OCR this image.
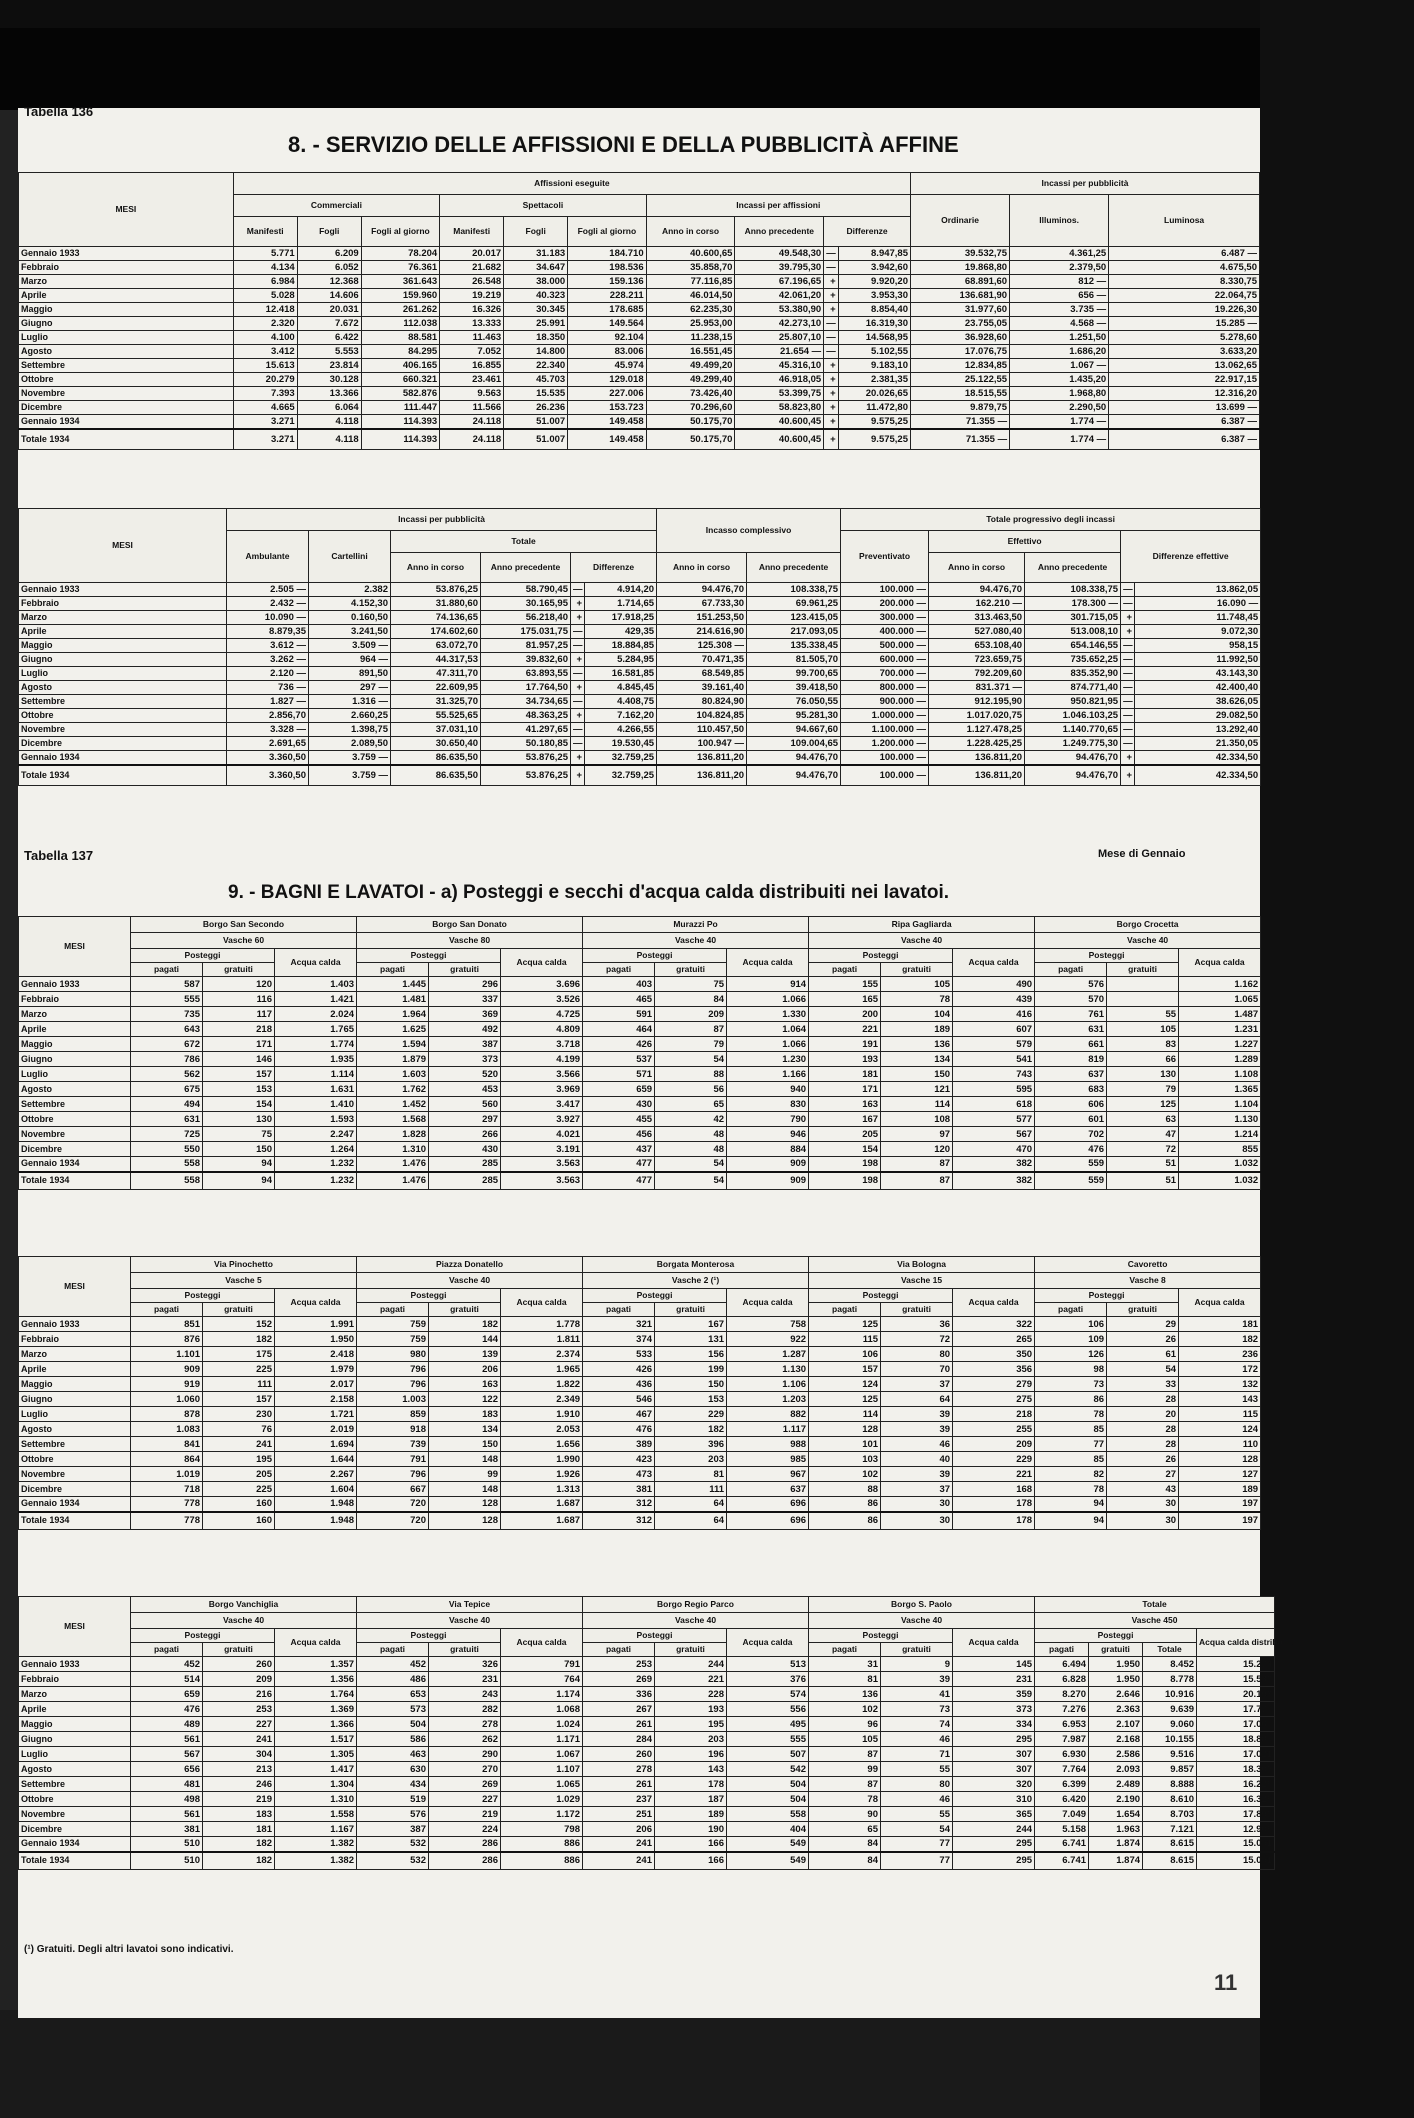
Tabella 136
8. - SERVIZIO DELLE AFFISSIONI E DELLA PUBBLICITÀ AFFINE
MESI	Affissioni eseguite										Incassi per pubblicità		
	Commerciali			Spettacoli			Incassi per affissioni				Ordinarie	Illuminos.	Luminosa
	Manifesti	Fogli	Fogli al giorno	Manifesti	Fogli	Fogli al giorno	Anno in corso	Anno precedente	Differenze				
Gennaio 1933	5.771	6.209	78.204	20.017	31.183	184.710	40.600,65	49.548,30	—	8.947,85	39.532,75	4.361,25	6.487 —
Febbraio	4.134	6.052	76.361	21.682	34.647	198.536	35.858,70	39.795,30	—	3.942,60	19.868,80	2.379,50	4.675,50
Marzo	6.984	12.368	361.643	26.548	38.000	159.136	77.116,85	67.196,65	+	9.920,20	68.891,60	812 —	8.330,75
Aprile	5.028	14.606	159.960	19.219	40.323	228.211	46.014,50	42.061,20	+	3.953,30	136.681,90	656 —	22.064,75
Maggio	12.418	20.031	261.262	16.326	30.345	178.685	62.235,30	53.380,90	+	8.854,40	31.977,60	3.735 —	19.226,30
Giugno	2.320	7.672	112.038	13.333	25.991	149.564	25.953,00	42.273,10	—	16.319,30	23.755,05	4.568 —	15.285 —
Luglio	4.100	6.422	88.581	11.463	18.350	92.104	11.238,15	25.807,10	—	14.568,95	36.928,60	1.251,50	5.278,60
Agosto	3.412	5.553	84.295	7.052	14.800	83.006	16.551,45	21.654 —	—	5.102,55	17.076,75	1.686,20	3.633,20
Settembre	15.613	23.814	406.165	16.855	22.340	45.974	49.499,20	45.316,10	+	9.183,10	12.834,85	1.067 —	13.062,65
Ottobre	20.279	30.128	660.321	23.461	45.703	129.018	49.299,40	46.918,05	+	2.381,35	25.122,55	1.435,20	22.917,15
Novembre	7.393	13.366	582.876	9.563	15.535	227.006	73.426,40	53.399,75	+	20.026,65	18.515,55	1.968,80	12.316,20
Dicembre	4.665	6.064	111.447	11.566	26.236	153.723	70.296,60	58.823,80	+	11.472,80	9.879,75	2.290,50	13.699 —
Gennaio 1934	3.271	4.118	114.393	24.118	51.007	149.458	50.175,70	40.600,45	+	9.575,25	71.355 —	1.774 —	6.387 —
Totale 1934	3.271	4.118	114.393	24.118	51.007	149.458	50.175,70	40.600,45	+	9.575,25	71.355 —	1.774 —	6.387 —
MESI	Incassi per pubblicità						Incasso complessivo		Totale progressivo degli incassi				
	Ambulante	Cartellini	Totale						Preventivato	Effettivo		Differenze effettive	
			Anno in corso	Anno precedente	Differenze		Anno in corso	Anno precedente		Anno in corso	Anno precedente		
Gennaio 1933	2.505 —	2.382	53.876,25	58.790,45	—	4.914,20	94.476,70	108.338,75	100.000 —	94.476,70	108.338,75	—	13.862,05
Febbraio	2.432 —	4.152,30	31.880,60	30.165,95	+	1.714,65	67.733,30	69.961,25	200.000 —	162.210 —	178.300 —	—	16.090 —
Marzo	10.090 —	0.160,50	74.136,65	56.218,40	+	17.918,25	151.253,50	123.415,05	300.000 —	313.463,50	301.715,05	+	11.748,45
Aprile	8.879,35	3.241,50	174.602,60	175.031,75	—	429,35	214.616,90	217.093,05	400.000 —	527.080,40	513.008,10	+	9.072,30
Maggio	3.612 —	3.509 —	63.072,70	81.957,25	—	18.884,85	125.308 —	135.338,45	500.000 —	653.108,40	654.146,55	—	958,15
Giugno	3.262 —	964 —	44.317,53	39.832,60	+	5.284,95	70.471,35	81.505,70	600.000 —	723.659,75	735.652,25	—	11.992,50
Luglio	2.120 —	891,50	47.311,70	63.893,55	—	16.581,85	68.549,85	99.700,65	700.000 —	792.209,60	835.352,90	—	43.143,30
Agosto	736 —	297 —	22.609,95	17.764,50	+	4.845,45	39.161,40	39.418,50	800.000 —	831.371 —	874.771,40	—	42.400,40
Settembre	1.827 —	1.316 —	31.325,70	34.734,65	—	4.408,75	80.824,90	76.050,55	900.000 —	912.195,90	950.821,95	—	38.626,05
Ottobre	2.856,70	2.660,25	55.525,65	48.363,25	+	7.162,20	104.824,85	95.281,30	1.000.000 —	1.017.020,75	1.046.103,25	—	29.082,50
Novembre	3.328 —	1.398,75	37.031,10	41.297,65	—	4.266,55	110.457,50	94.667,60	1.100.000 —	1.127.478,25	1.140.770,65	—	13.292,40
Dicembre	2.691,65	2.089,50	30.650,40	50.180,85	—	19.530,45	100.947 —	109.004,65	1.200.000 —	1.228.425,25	1.249.775,30	—	21.350,05
Gennaio 1934	3.360,50	3.759 —	86.635,50	53.876,25	+	32.759,25	136.811,20	94.476,70	100.000 —	136.811,20	94.476,70	+	42.334,50
Totale 1934	3.360,50	3.759 —	86.635,50	53.876,25	+	32.759,25	136.811,20	94.476,70	100.000 —	136.811,20	94.476,70	+	42.334,50
Tabella 137	Mese di Gennaio
9. - BAGNI E LAVATOI - a) Posteggi e secchi d'acqua calda distribuiti nei lavatoi.
MESI	Borgo San Secondo			Borgo San Donato			Murazzi Po			Ripa Gagliarda			Borgo Crocetta		
	Vasche 60			Vasche 80			Vasche 40			Vasche 40			Vasche 40		
	Posteggi		Acqua calda	Posteggi		Acqua calda	Posteggi		Acqua calda	Posteggi		Acqua calda	Posteggi		Acqua calda
	pagati	gratuiti		pagati	gratuiti		pagati	gratuiti		pagati	gratuiti		pagati	gratuiti	
Gennaio 1933	587	120	1.403	1.445	296	3.696	403	75	914	155	105	490	576		1.162
Febbraio	555	116	1.421	1.481	337	3.526	465	84	1.066	165	78	439	570		1.065
Marzo	735	117	2.024	1.964	369	4.725	591	209	1.330	200	104	416	761	55	1.487
Aprile	643	218	1.765	1.625	492	4.809	464	87	1.064	221	189	607	631	105	1.231
Maggio	672	171	1.774	1.594	387	3.718	426	79	1.066	191	136	579	661	83	1.227
Giugno	786	146	1.935	1.879	373	4.199	537	54	1.230	193	134	541	819	66	1.289
Luglio	562	157	1.114	1.603	520	3.566	571	88	1.166	181	150	743	637	130	1.108
Agosto	675	153	1.631	1.762	453	3.969	659	56	940	171	121	595	683	79	1.365
Settembre	494	154	1.410	1.452	560	3.417	430	65	830	163	114	618	606	125	1.104
Ottobre	631	130	1.593	1.568	297	3.927	455	42	790	167	108	577	601	63	1.130
Novembre	725	75	2.247	1.828	266	4.021	456	48	946	205	97	567	702	47	1.214
Dicembre	550	150	1.264	1.310	430	3.191	437	48	884	154	120	470	476	72	855
Gennaio 1934	558	94	1.232	1.476	285	3.563	477	54	909	198	87	382	559	51	1.032
Totale 1934	558	94	1.232	1.476	285	3.563	477	54	909	198	87	382	559	51	1.032
MESI	Via Pinochetto			Piazza Donatello			Borgata Monterosa			Via Bologna			Cavoretto		
	Vasche 5			Vasche 40			Vasche 2 (¹)			Vasche 15			Vasche 8		
	Posteggi		Acqua calda	Posteggi		Acqua calda	Posteggi		Acqua calda	Posteggi		Acqua calda	Posteggi		Acqua calda
	pagati	gratuiti		pagati	gratuiti		pagati	gratuiti		pagati	gratuiti		pagati	gratuiti	
Gennaio 1933	851	152	1.991	759	182	1.778	321	167	758	125	36	322	106	29	181
Febbraio	876	182	1.950	759	144	1.811	374	131	922	115	72	265	109	26	182
Marzo	1.101	175	2.418	980	139	2.374	533	156	1.287	106	80	350	126	61	236
Aprile	909	225	1.979	796	206	1.965	426	199	1.130	157	70	356	98	54	172
Maggio	919	111	2.017	796	163	1.822	436	150	1.106	124	37	279	73	33	132
Giugno	1.060	157	2.158	1.003	122	2.349	546	153	1.203	125	64	275	86	28	143
Luglio	878	230	1.721	859	183	1.910	467	229	882	114	39	218	78	20	115
Agosto	1.083	76	2.019	918	134	2.053	476	182	1.117	128	39	255	85	28	124
Settembre	841	241	1.694	739	150	1.656	389	396	988	101	46	209	77	28	110
Ottobre	864	195	1.644	791	148	1.990	423	203	985	103	40	229	85	26	128
Novembre	1.019	205	2.267	796	99	1.926	473	81	967	102	39	221	82	27	127
Dicembre	718	225	1.604	667	148	1.313	381	111	637	88	37	168	78	43	189
Gennaio 1934	778	160	1.948	720	128	1.687	312	64	696	86	30	178	94	30	197
Totale 1934	778	160	1.948	720	128	1.687	312	64	696	86	30	178	94	30	197
MESI	Borgo Vanchiglia			Via Tepice			Borgo Regio Parco			Borgo S. Paolo			Totale			
	Vasche 40			Vasche 40			Vasche 40			Vasche 40			Vasche 450			
	Posteggi		Acqua calda	Posteggi		Acqua calda	Posteggi		Acqua calda	Posteggi		Acqua calda	Posteggi			Acqua calda distribuita
	pagati	gratuiti		pagati	gratuiti		pagati	gratuiti		pagati	gratuiti		pagati	gratuiti	Totale	
Gennaio 1933	452	260	1.357	452	326	791	253	244	513	31	9	145	6.494	1.950	8.452	15.274
Febbraio	514	209	1.356	486	231	764	269	221	376	81	39	231	6.828	1.950	8.778	15.538
Marzo	659	216	1.764	653	243	1.174	336	228	574	136	41	359	8.270	2.646	10.916	20.193
Aprile	476	253	1.369	573	282	1.068	267	193	556	102	73	373	7.276	2.363	9.639	17.776
Maggio	489	227	1.366	504	278	1.024	261	195	495	96	74	334	6.953	2.107	9.060	17.067
Giugno	561	241	1.517	586	262	1.171	284	203	555	105	46	295	7.987	2.168	10.155	18.886
Luglio	567	304	1.305	463	290	1.067	260	196	507	87	71	307	6.930	2.586	9.516	17.021
Agosto	656	213	1.417	630	270	1.107	278	143	542	99	55	307	7.764	2.093	9.857	18.305
Settembre	481	246	1.304	434	269	1.065	261	178	504	87	80	320	6.399	2.489	8.888	16.229
Ottobre	498	219	1.310	519	227	1.029	237	187	504	78	46	310	6.420	2.190	8.610	16.329
Novembre	561	183	1.558	576	219	1.172	251	189	558	90	55	365	7.049	1.654	8.703	17.890
Dicembre	381	181	1.167	387	224	798	206	190	404	65	54	244	5.158	1.963	7.121	12.909
Gennaio 1934	510	182	1.382	532	286	886	241	166	549	84	77	295	6.741	1.874	8.615	15.051
Totale 1934	510	182	1.382	532	286	886	241	166	549	84	77	295	6.741	1.874	8.615	15.051
(¹) Gratuiti. Degli altri lavatoi sono indicativi.
11
